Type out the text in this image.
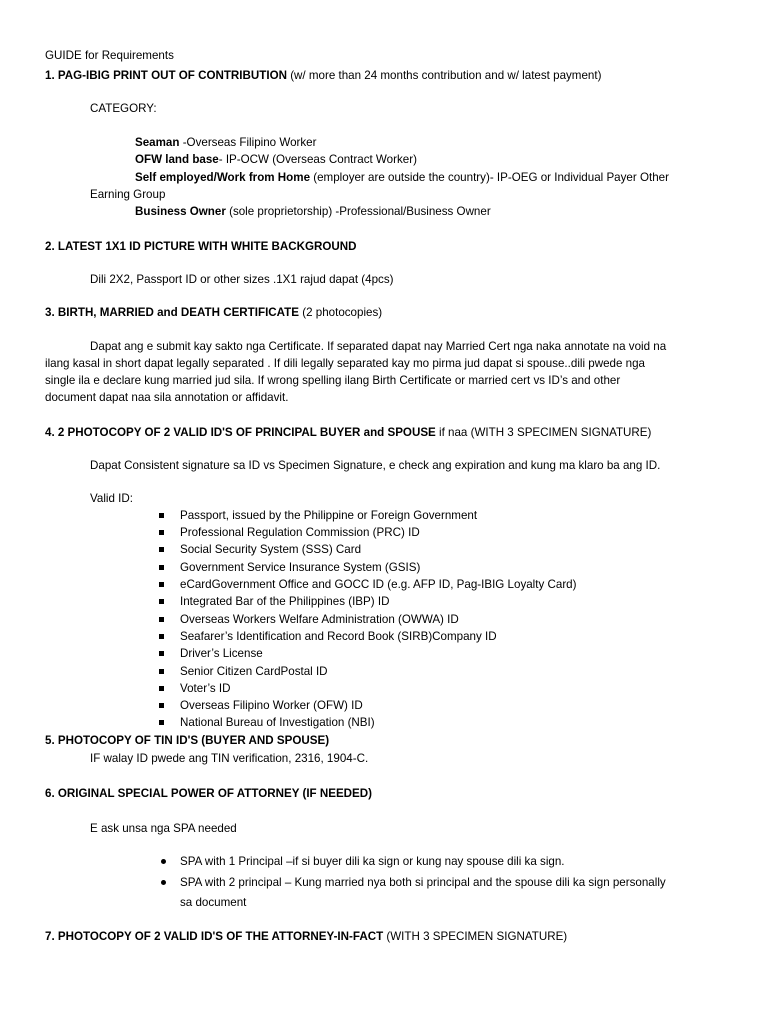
GUIDE for Requirements
1. PAG-IBIG PRINT OUT OF CONTRIBUTION (w/ more than 24 months contribution and w/ latest payment)
CATEGORY:
Seaman -Overseas Filipino Worker
OFW land base- IP-OCW (Overseas Contract Worker)
Self employed/Work from Home (employer are outside the country)- IP-OEG or Individual Payer Other
Earning Group
Business Owner (sole proprietorship) -Professional/Business Owner
2. LATEST 1X1 ID PICTURE WITH WHITE BACKGROUND
Dili 2X2, Passport ID or other sizes .1X1 rajud dapat (4pcs)
3. BIRTH, MARRIED and DEATH CERTIFICATE (2 photocopies)
Dapat ang e submit kay sakto nga Certificate. If separated dapat nay Married Cert nga naka annotate na void na
ilang kasal in short dapat legally separated . If dili legally separated kay mo pirma jud dapat si spouse..dili pwede nga
single ila e declare kung married jud sila. If wrong spelling ilang Birth Certificate or married cert vs ID’s and other
document dapat naa sila annotation or affidavit.
4. 2 PHOTOCOPY OF 2 VALID ID'S OF PRINCIPAL BUYER and SPOUSE if naa (WITH 3 SPECIMEN SIGNATURE)
Dapat Consistent signature sa ID vs Specimen Signature, e check ang expiration and kung ma klaro ba ang ID.
Valid ID:
Passport, issued by the Philippine or Foreign Government
Professional Regulation Commission (PRC) ID
Social Security System (SSS) Card
Government Service Insurance System (GSIS)
eCardGovernment Office and GOCC ID (e.g. AFP ID, Pag-IBIG Loyalty Card)
Integrated Bar of the Philippines (IBP) ID
Overseas Workers Welfare Administration (OWWA) ID
Seafarer’s Identification and Record Book (SIRB)Company ID
Driver’s License
Senior Citizen CardPostal ID
Voter’s ID
Overseas Filipino Worker (OFW) ID
National Bureau of Investigation (NBI)
5. PHOTOCOPY OF TIN ID'S (BUYER AND SPOUSE)
IF walay ID pwede ang TIN verification, 2316, 1904-C.
6. ORIGINAL SPECIAL POWER OF ATTORNEY (IF NEEDED)
E ask unsa nga SPA needed
SPA with 1 Principal –if si buyer dili ka sign or kung nay spouse dili ka sign.
SPA with 2 principal – Kung married nya both si principal and the spouse dili ka sign personally
sa document
7. PHOTOCOPY OF 2 VALID ID'S OF THE ATTORNEY-IN-FACT (WITH 3 SPECIMEN SIGNATURE)
